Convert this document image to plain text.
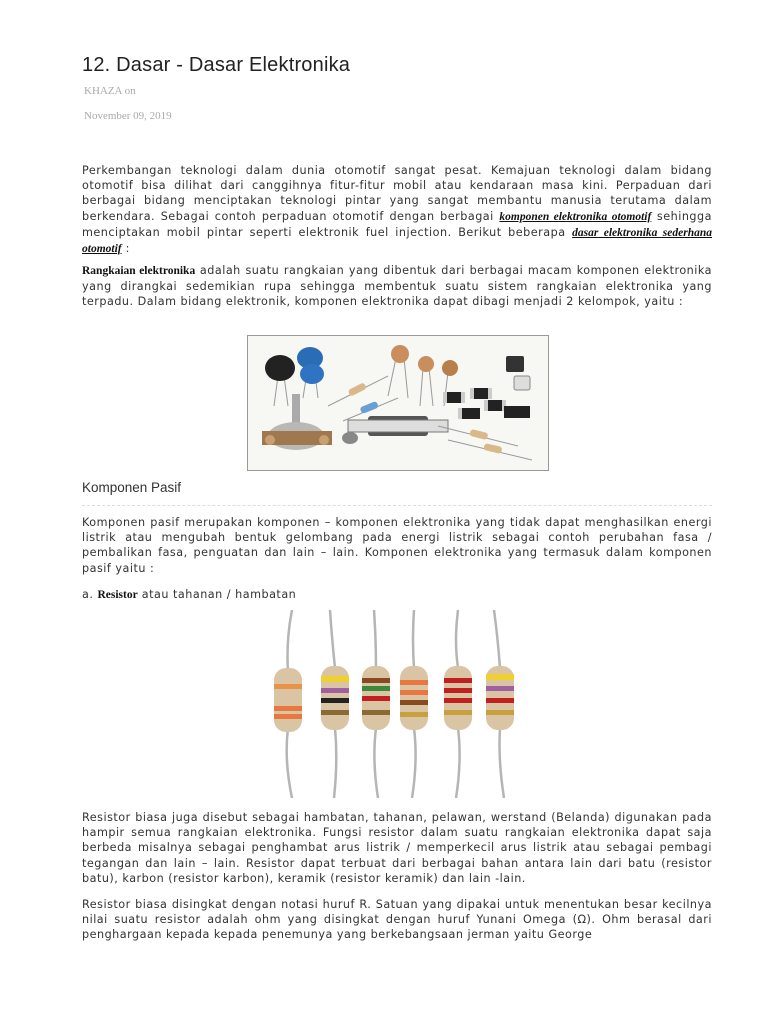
12. Dasar - Dasar Elektronika
KHAZA on
November 09, 2019
Perkembangan teknologi dalam dunia otomotif sangat pesat. Kemajuan teknologi dalam bidang otomotif bisa dilihat dari canggihnya fitur-fitur mobil atau kendaraan masa kini. Perpaduan dari berbagai bidang menciptakan teknologi pintar yang sangat membantu manusia terutama dalam berkendara. Sebagai contoh perpaduan otomotif dengan berbagai komponen elektronika otomotif sehingga menciptakan mobil pintar seperti elektronik fuel injection. Berikut beberapa dasar elektronika sederhana otomotif :
Rangkaian elektronika adalah suatu rangkaian yang dibentuk dari berbagai macam komponen elektronika yang dirangkai sedemikian rupa sehingga membentuk suatu sistem rangkaian elektronika yang terpadu. Dalam bidang elektronik, komponen elektronika dapat dibagi menjadi 2 kelompok, yaitu :
Komponen Pasif
Komponen pasif merupakan komponen – komponen elektronika yang tidak dapat menghasilkan energi listrik atau mengubah bentuk gelombang pada energi listrik sebagai contoh perubahan fasa / pembalikan fasa, penguatan dan lain – lain. Komponen elektronika yang termasuk dalam komponen pasif yaitu :
a. Resistor atau tahanan / hambatan
Resistor biasa juga disebut sebagai hambatan, tahanan, pelawan, werstand (Belanda) digunakan pada hampir semua rangkaian elektronika. Fungsi resistor dalam suatu rangkaian elektronika dapat saja berbeda misalnya sebagai penghambat arus listrik / memperkecil arus listrik atau sebagai pembagi tegangan dan lain – lain. Resistor dapat terbuat dari berbagai bahan antara lain dari batu (resistor batu), karbon (resistor karbon), keramik (resistor keramik) dan lain -lain.
Resistor biasa disingkat dengan notasi huruf R. Satuan yang dipakai untuk menentukan besar kecilnya nilai suatu resistor adalah ohm yang disingkat dengan huruf Yunani Omega (Ω). Ohm berasal dari penghargaan kepada kepada penemunya yang berkebangsaan jerman yaitu George
